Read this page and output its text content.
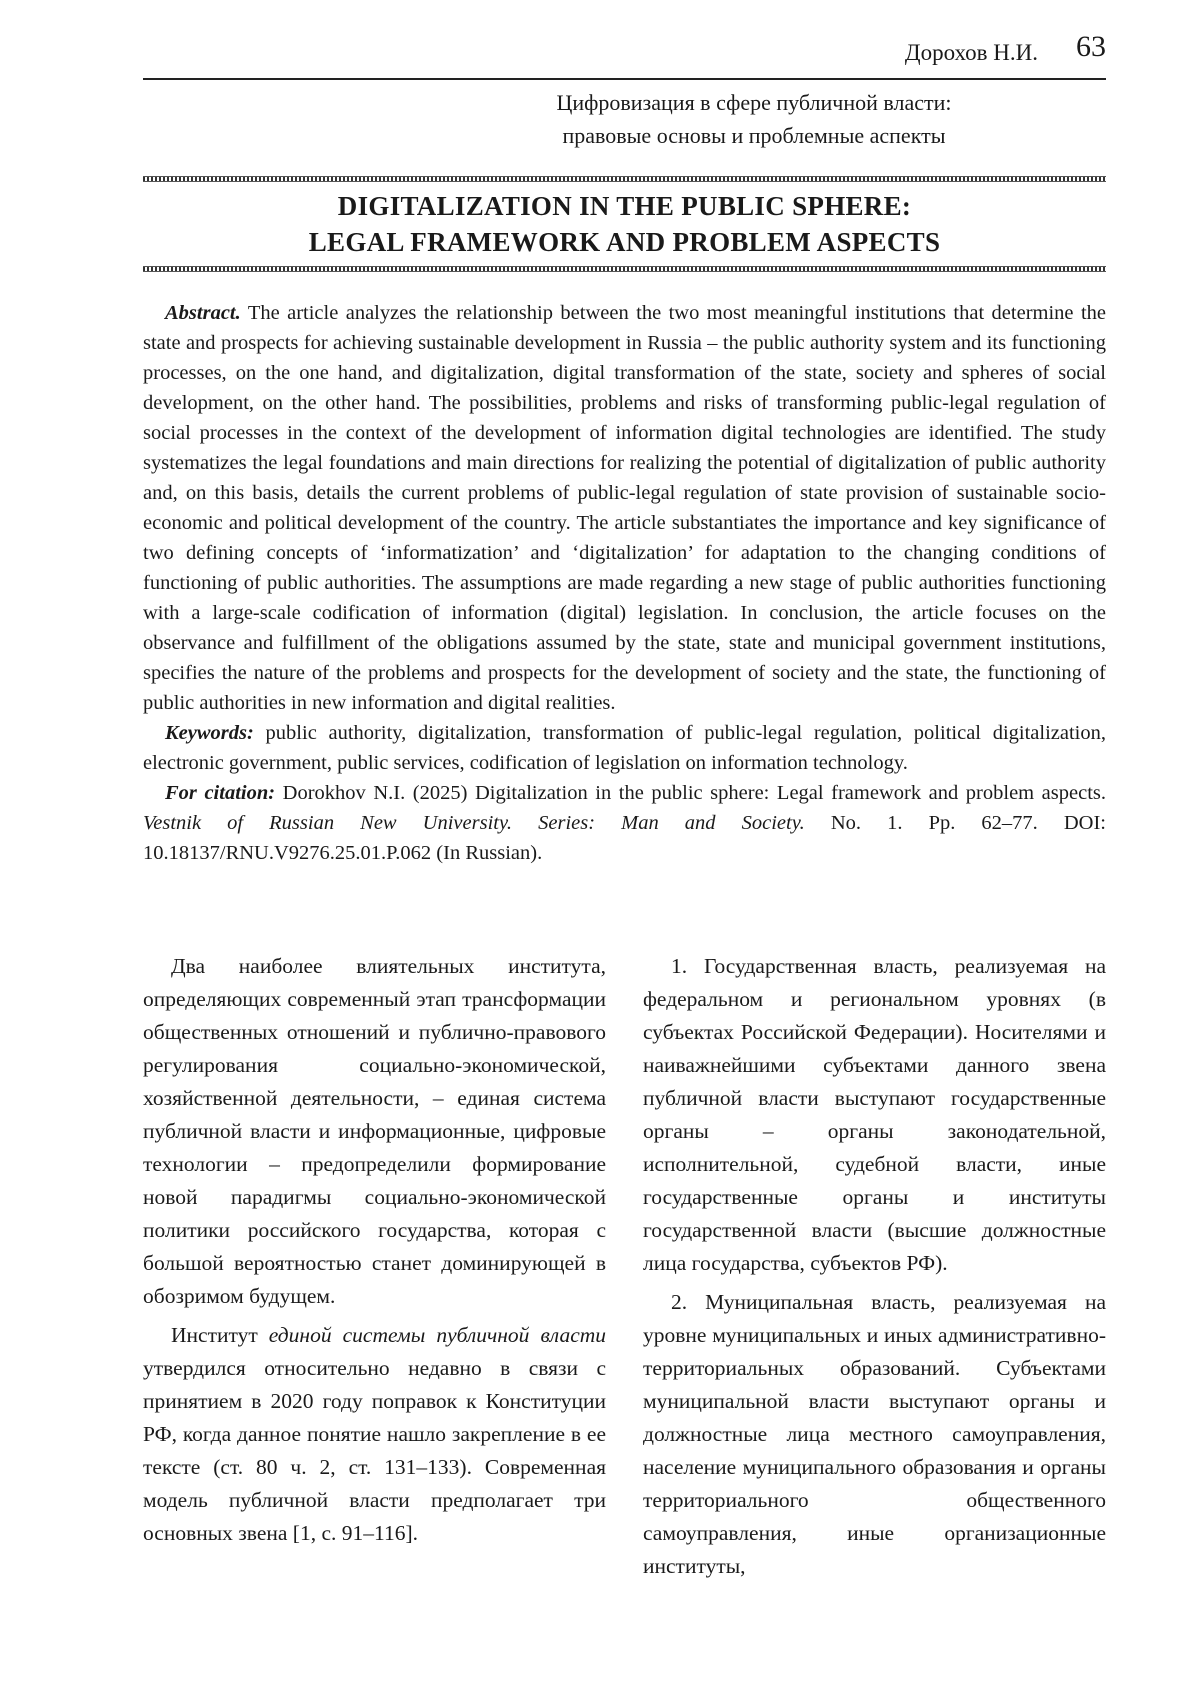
Дорохов Н.И. 63
Цифровизация в сфере публичной власти:
правовые основы и проблемные аспекты
DIGITALIZATION IN THE PUBLIC SPHERE:
LEGAL FRAMEWORK AND PROBLEM ASPECTS

Abstract. The article analyzes the relationship between the two most meaningful institutions that determine the state and prospects for achieving sustainable development in Russia – the public authority system and its functioning processes, on the one hand, and digitalization, digital transformation of the state, society and spheres of social development, on the other hand. The possibilities, problems and risks of transforming public-legal regulation of social processes in the context of the development of information digital technologies are identified. The study systematizes the legal foundations and main directions for realizing the potential of digitalization of public authority and, on this basis, details the current problems of public-legal regulation of state provision of sustainable socio-economic and political development of the country. The article substantiates the importance and key significance of two defining concepts of ‘informatization’ and ‘digitalization’ for adaptation to the changing conditions of functioning of public authorities. The assumptions are made regarding a new stage of public authorities functioning with a large-scale codification of information (digital) legislation. In conclusion, the article focuses on the observance and fulfillment of the obligations assumed by the state, state and municipal government institutions, specifies the nature of the problems and prospects for the development of society and the state, the functioning of public authorities in new information and digital realities.

Keywords: public authority, digitalization, transformation of public-legal regulation, political digitalization, electronic government, public services, codification of legislation on information technology.

For citation: Dorokhov N.I. (2025) Digitalization in the public sphere: Legal framework and problem aspects. Vestnik of Russian New University. Series: Man and Society. No. 1. Pp. 62–77. DOI: 10.18137/RNU.V9276.25.01.P.062 (In Russian).

Два наиболее влиятельных института, определяющих современный этап трансформации общественных отношений и публично-правового регулирования социально-экономической, хозяйственной деятельности, – единая система публичной власти и информационные, цифровые технологии – предопределили формирование новой парадигмы социально-экономической политики российского государства, которая с большой вероятностью станет доминирующей в обозримом будущем.

Институт единой системы публичной власти утвердился относительно недавно в связи с принятием в 2020 году поправок к Конституции РФ, когда данное понятие нашло закрепление в ее тексте (ст. 80 ч. 2, ст. 131–133). Современная модель публичной власти предполагает три основных звена [1, с. 91–116].

1. Государственная власть, реализуемая на федеральном и региональном уровнях (в субъектах Российской Федерации). Носителями и наиважнейшими субъектами данного звена публичной власти выступают государственные органы – органы законодательной, исполнительной, судебной власти, иные государственные органы и институты государственной власти (высшие должностные лица государства, субъектов РФ).

2. Муниципальная власть, реализуемая на уровне муниципальных и иных административно-территориальных образований. Субъектами муниципальной власти выступают органы и должностные лица местного самоуправления, население муниципального образования и органы территориального общественного самоуправления, иные организационные институты,
